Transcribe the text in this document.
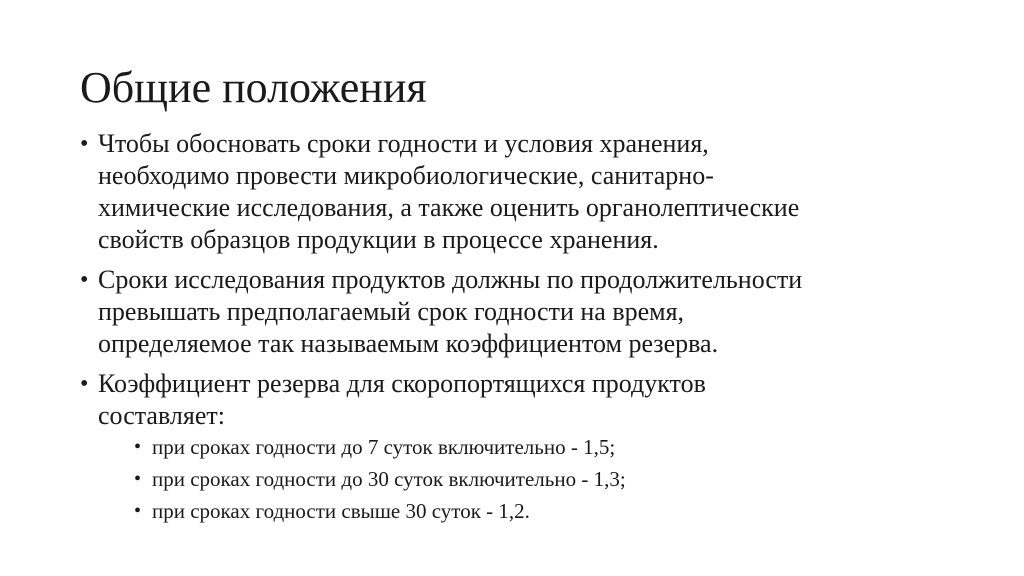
Общие положения
• Чтобы обосновать сроки годности и условия хранения,
необходимо провести микробиологические, санитарно-
химические исследования, а также оценить органолептические
свойств образцов продукции в процессе хранения.
• Сроки исследования продуктов должны по продолжительности
превышать предполагаемый срок годности на время,
определяемое так называемым коэффициентом резерва.
• Коэффициент резерва для скоропортящихся продуктов
составляет:
• при сроках годности до 7 суток включительно - 1,5;
• при сроках годности до 30 суток включительно - 1,3;
• при сроках годности свыше 30 суток - 1,2.
